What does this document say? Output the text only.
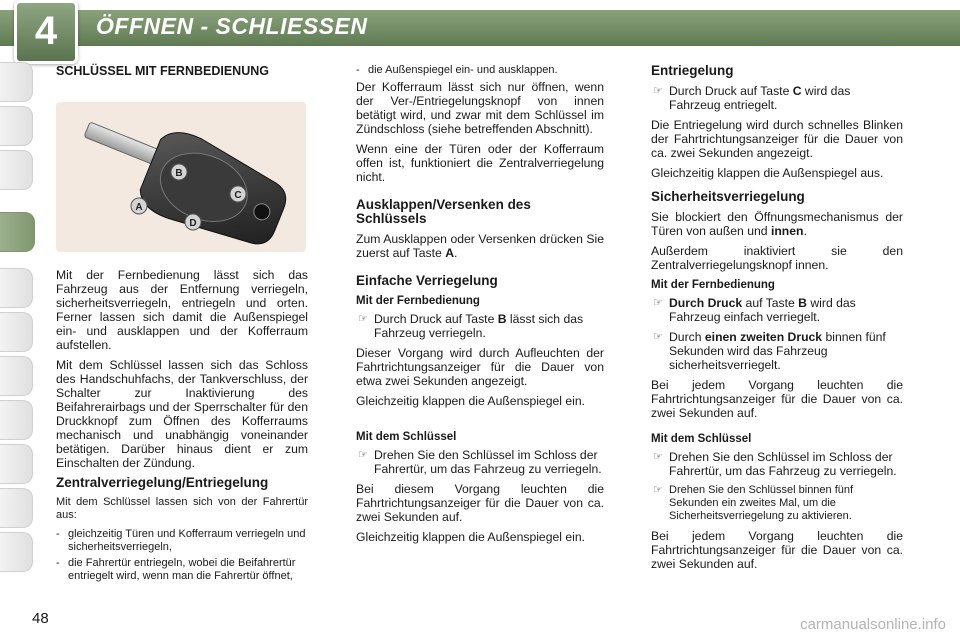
4	ÖFFNEN - SCHLIESSEN
SCHLÜSSEL MIT FERNBEDIENUNG
A
B
C
D

Mit der Fernbedienung lässt sich das Fahrzeug aus der Entfernung verriegeln, sicherheitsverriegeln, entriegeln und orten. Ferner lassen sich damit die Außenspiegel ein- und ausklappen und der Kofferraum aufstellen.

Mit dem Schlüssel lassen sich das Schloss des Handschuhfachs, der Tankverschluss, der Schalter zur Inaktivierung des Beifahrerairbags und der Sperrschalter für den Druckknopf zum Öffnen des Kofferraums mechanisch und unabhängig voneinander betätigen. Darüber hinaus dient er zum Einschalten der Zündung.

Zentralverriegelung/Entriegelung

Mit dem Schlüssel lassen sich von der Fahrertür aus:

- gleichzeitig Türen und Kofferraum verriegeln und sicherheitsverriegeln,
- die Fahrertür entriegeln, wobei die Beifahrertür entriegelt wird, wenn man die Fahrertür öffnet,
- die Außenspiegel ein- und ausklappen.

Der Kofferraum lässt sich nur öffnen, wenn der Ver-/Entriegelungsknopf von innen betätigt wird, und zwar mit dem Schlüssel im Zündschloss (siehe betreffenden Abschnitt).

Wenn eine der Türen oder der Kofferraum offen ist, funktioniert die Zentralverriegelung nicht.

Ausklappen/Versenken des Schlüssels

Zum Ausklappen oder Versenken drücken Sie zuerst auf Taste A.

Einfache Verriegelung
Mit der Fernbedienung
☞ Durch Druck auf Taste B lässt sich das Fahrzeug verriegeln.

Dieser Vorgang wird durch Aufleuchten der Fahrtrichtungsanzeiger für die Dauer von etwa zwei Sekunden angezeigt.

Gleichzeitig klappen die Außenspiegel ein.

Mit dem Schlüssel
☞ Drehen Sie den Schlüssel im Schloss der Fahrertür, um das Fahrzeug zu verriegeln.

Bei diesem Vorgang leuchten die Fahrtrichtungsanzeiger für die Dauer von ca. zwei Sekunden auf.

Gleichzeitig klappen die Außenspiegel ein.

Entriegelung
☞ Durch Druck auf Taste C wird das Fahrzeug entriegelt.

Die Entriegelung wird durch schnelles Blinken der Fahrtrichtungsanzeiger für die Dauer von ca. zwei Sekunden angezeigt.

Gleichzeitig klappen die Außenspiegel aus.

Sicherheitsverriegelung

Sie blockiert den Öffnungsmechanismus der Türen von außen und innen.

Außerdem inaktiviert sie den Zentralverriegelungsknopf innen.

Mit der Fernbedienung
☞ Durch Druck auf Taste B wird das Fahrzeug einfach verriegelt.
☞ Durch einen zweiten Druck binnen fünf Sekunden wird das Fahrzeug sicherheitsverriegelt.

Bei jedem Vorgang leuchten die Fahrtrichtungsanzeiger für die Dauer von ca. zwei Sekunden auf.

Mit dem Schlüssel
☞ Drehen Sie den Schlüssel im Schloss der Fahrertür, um das Fahrzeug zu verriegeln.
☞ Drehen Sie den Schlüssel binnen fünf Sekunden ein zweites Mal, um die Sicherheitsverriegelung zu aktivieren.

Bei jedem Vorgang leuchten die Fahrtrichtungsanzeiger für die Dauer von ca. zwei Sekunden auf.

48	carmanualsonline.info
